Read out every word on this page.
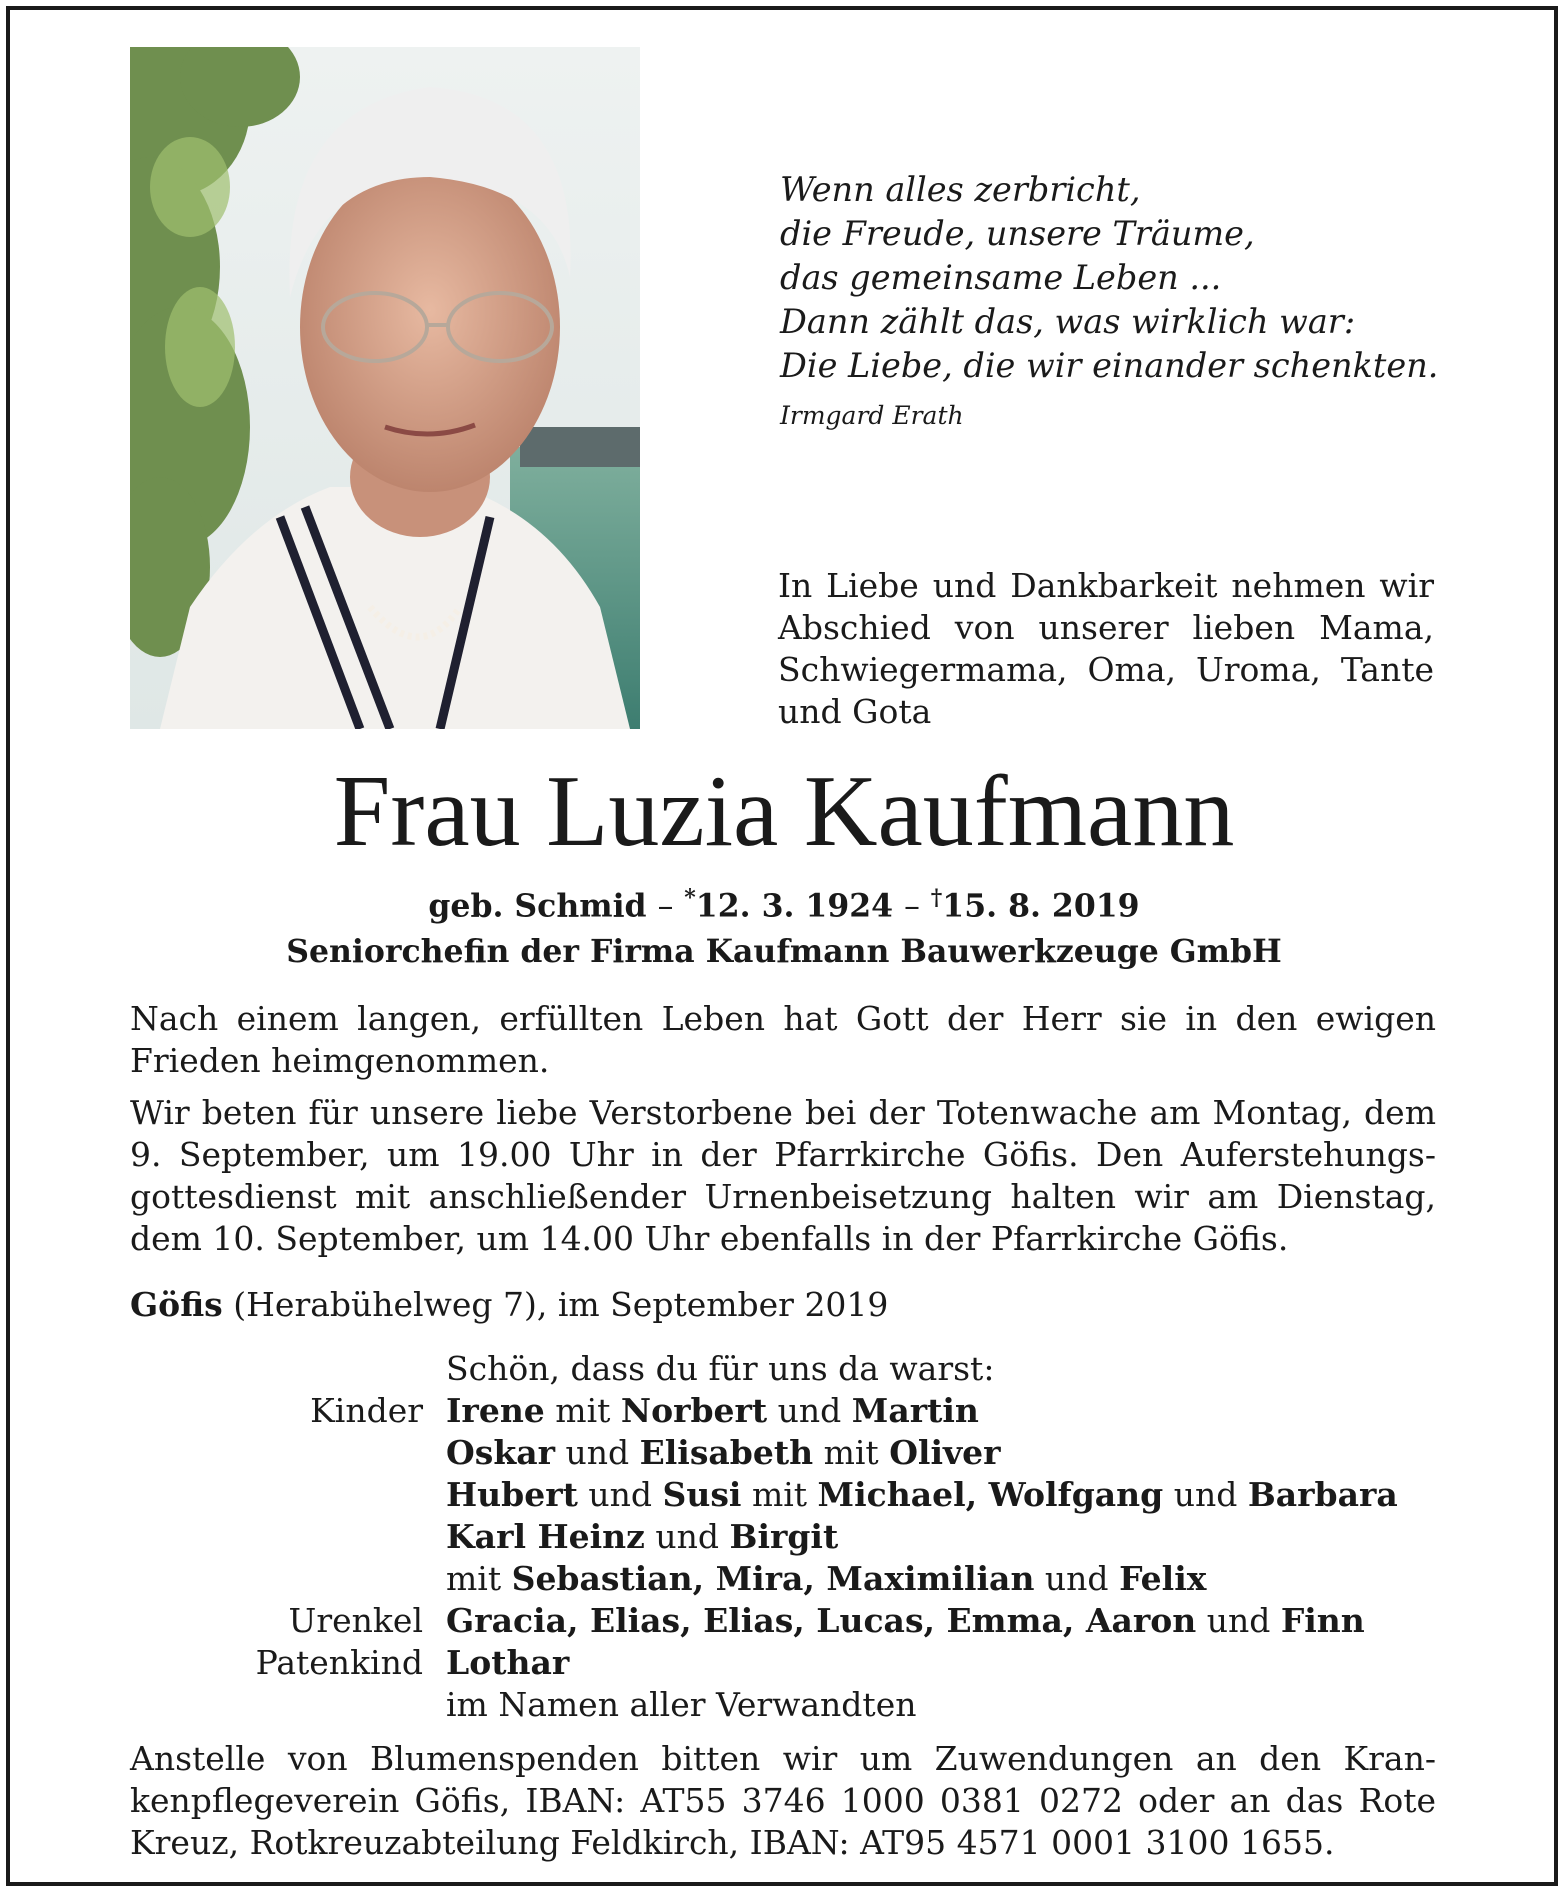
Wenn alles zerbricht,
die Freude, unsere Träume,
das gemeinsame Leben ...
Dann zählt das, was wirklich war:
Die Liebe, die wir einander schenkten.
Irmgard Erath
In Liebe und Dankbarkeit nehmen wir
Abschied von unserer lieben Mama,
Schwiegermama, Oma, Uroma, Tante
und Gota
Frau Luzia Kaufmann
geb. Schmid – *12. 3. 1924 – †15. 8. 2019
Seniorchefin der Firma Kaufmann Bauwerkzeuge GmbH
Nach einem langen, erfüllten Leben hat Gott der Herr sie in den ewigen
Frieden heimgenommen.
Wir beten für unsere liebe Verstorbene bei der Totenwache am Montag, dem
9. September, um 19.00 Uhr in der Pfarrkirche Göfis. Den Auferstehungs-
gottesdienst mit anschließender Urnenbeisetzung halten wir am Dienstag,
dem 10. September, um 14.00 Uhr ebenfalls in der Pfarrkirche Göfis.
Göfis (Herabühelweg 7), im September 2019
Schön, dass du für uns da warst:
Kinder Irene mit Norbert und Martin
Oskar und Elisabeth mit Oliver
Hubert und Susi mit Michael, Wolfgang und Barbara
Karl Heinz und Birgit
mit Sebastian, Mira, Maximilian und Felix
Urenkel Gracia, Elias, Elias, Lucas, Emma, Aaron und Finn
Patenkind Lothar
im Namen aller Verwandten
Anstelle von Blumenspenden bitten wir um Zuwendungen an den Kran-
kenpflegeverein Göfis, IBAN: AT55 3746 1000 0381 0272 oder an das Rote
Kreuz, Rotkreuzabteilung Feldkirch, IBAN: AT95 4571 0001 3100 1655.
